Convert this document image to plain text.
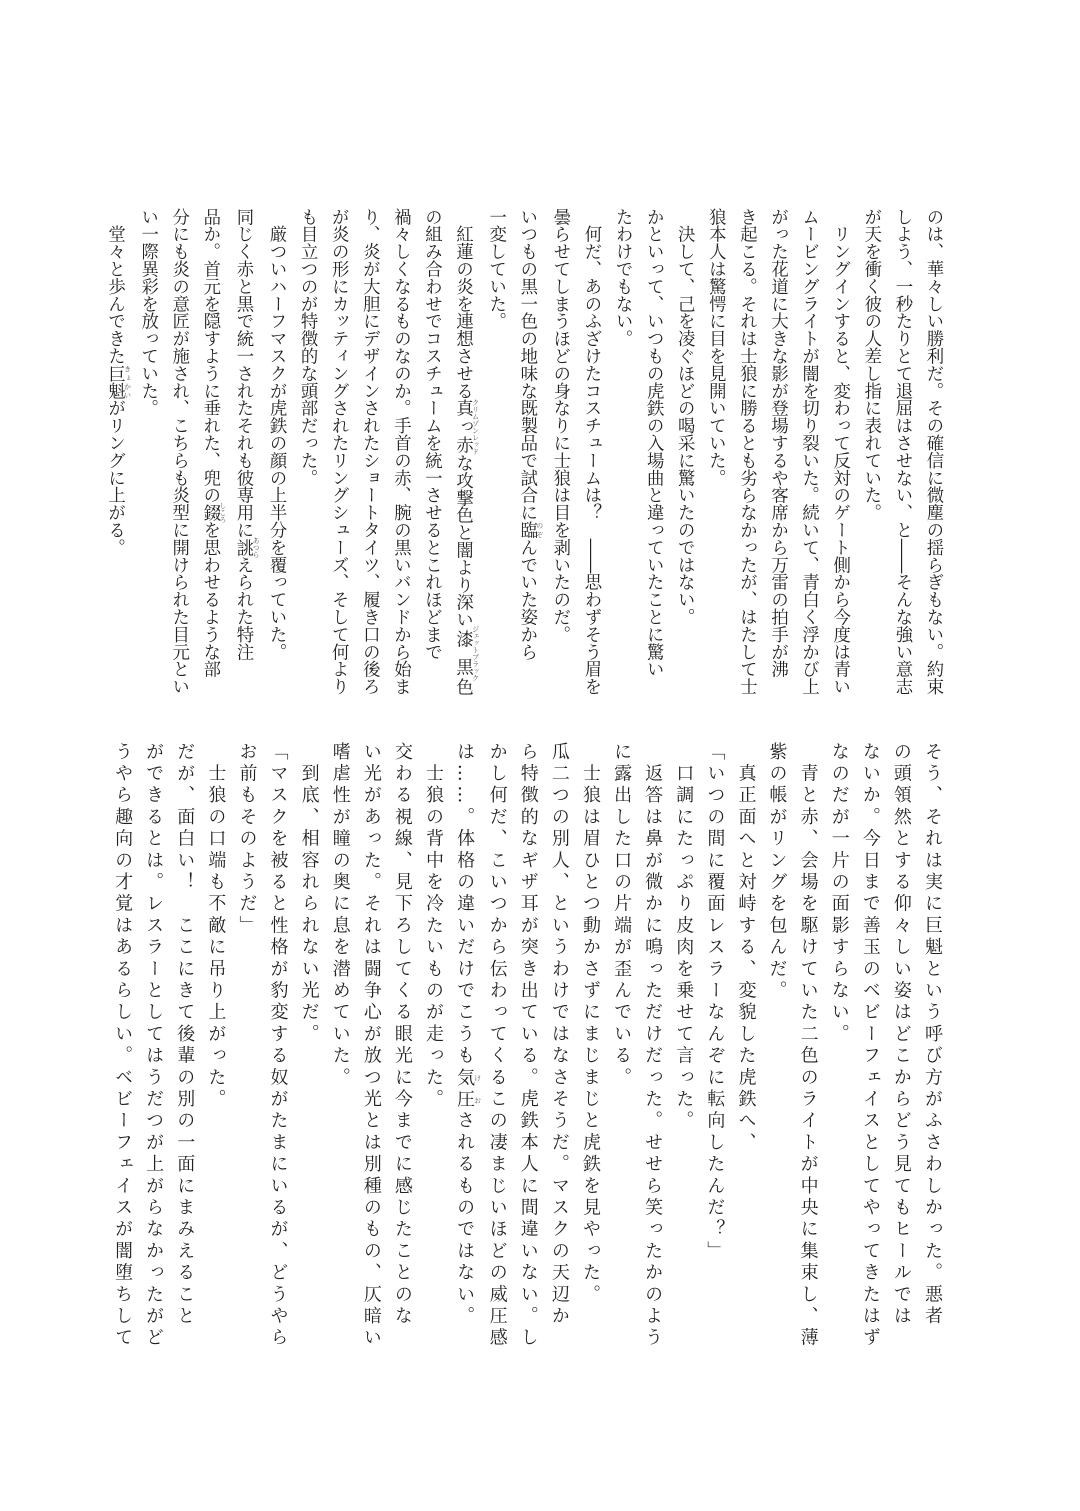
のは、華々しい勝利だ。その確信に微塵の揺らぎもない。約束
しよう、一秒たりとて退屈はさせない、と――そんな強い意志
が天を衝く彼の人差し指に表れていた。
　リングインすると、変わって反対のゲート側から今度は青い
ムービングライトが闇を切り裂いた。続いて、青白く浮かび上
がった花道に大きな影が登場するや客席から万雷の拍手が沸
き起こる。それは士狼に勝るとも劣らなかったが、はたして士
狼本人は驚愕に目を見開いていた。
　決して、己を凌ぐほどの喝采に驚いたのではない。
かといって、いつもの虎鉄の入場曲と違っていたことに驚い
たわけでもない。
　何だ、あのふざけたコスチュームは？　――思わずそう眉を
曇らせてしまうほどの身なりに士狼は目を剥いたのだ。
いつもの黒一色の地味な既製品で試合に臨 のぞんでいた姿から
一変していた。
　紅蓮の炎を連想させる真っ赤 クリムゾンレッドな攻撃色と闇より深い漆黒 ジェットブラック色
の組み合わせでコスチュームを統一させるとこれほどまで
禍々しくなるものなのか。手首の赤、腕の黒いバンドから始ま
り、炎が大胆にデザインされたショートタイツ、履き口の後ろ
が炎の形にカッティングされたリングシューズ、そして何より
も目立つのが特徴的な頭部だった。
　厳ついハーフマスクが虎鉄の顔の上半分を覆っていた。
同じく赤と黒で統一されたそれも彼専用に誂 あつらえられた特注
品か。首元を隠すように垂れた、兜の錣 しころを思わせるような部
分にも炎の意匠が施され、こちらも炎型に開けられた目元とい
い一際異彩を放っていた。
　堂々と歩んできた巨魁 きょかいがリングに上がる。
そう、それは実に巨魁という呼び方がふさわしかった。悪者
の頭領然とする仰々しい姿はどこからどう見てもヒールでは
ないか。今日まで善玉のベビーフェイスとしてやってきたはず
なのだが一片の面影すらない。
　青と赤、会場を駆けていた二色のライトが中央に集束し、薄
紫の帳がリングを包んだ。
　真正面へと対峙する、変貌した虎鉄へ、
「いつの間に覆面レスラーなんぞに転向したんだ？」
　口調にたっぷり皮肉を乗せて言った。
　返答は鼻が微かに鳴っただけだった。せせら笑ったかのよう
に露出した口の片端が歪んでいる。
　士狼は眉ひとつ動かさずにまじまじと虎鉄を見やった。
瓜二つの別人、というわけではなさそうだ。マスクの天辺か
ら特徴的なギザ耳が突き出ている。虎鉄本人に間違いない。し
かし何だ、こいつから伝わってくるこの凄まじいほどの威圧感
は……。体格の違いだけでこうも気圧けおされるものではない。
　士狼の背中を冷たいものが走った。
交わる視線、見下ろしてくる眼光に今までに感じたことのな
い光があった。それは闘争心が放つ光とは別種のもの、仄暗い
嗜虐性が瞳の奥に息を潜めていた。
　到底、相容れられない光だ。
「マスクを被ると性格が豹変する奴がたまにいるが、どうやら
お前もそのようだ」
　士狼の口端も不敵に吊り上がった。
だが、面白い！　ここにきて後輩の別の一面にまみえること
ができるとは。レスラーとしてはうだつが上がらなかったがど
うやら趣向の才覚はあるらしい。ベビーフェイスが闇堕ちして
